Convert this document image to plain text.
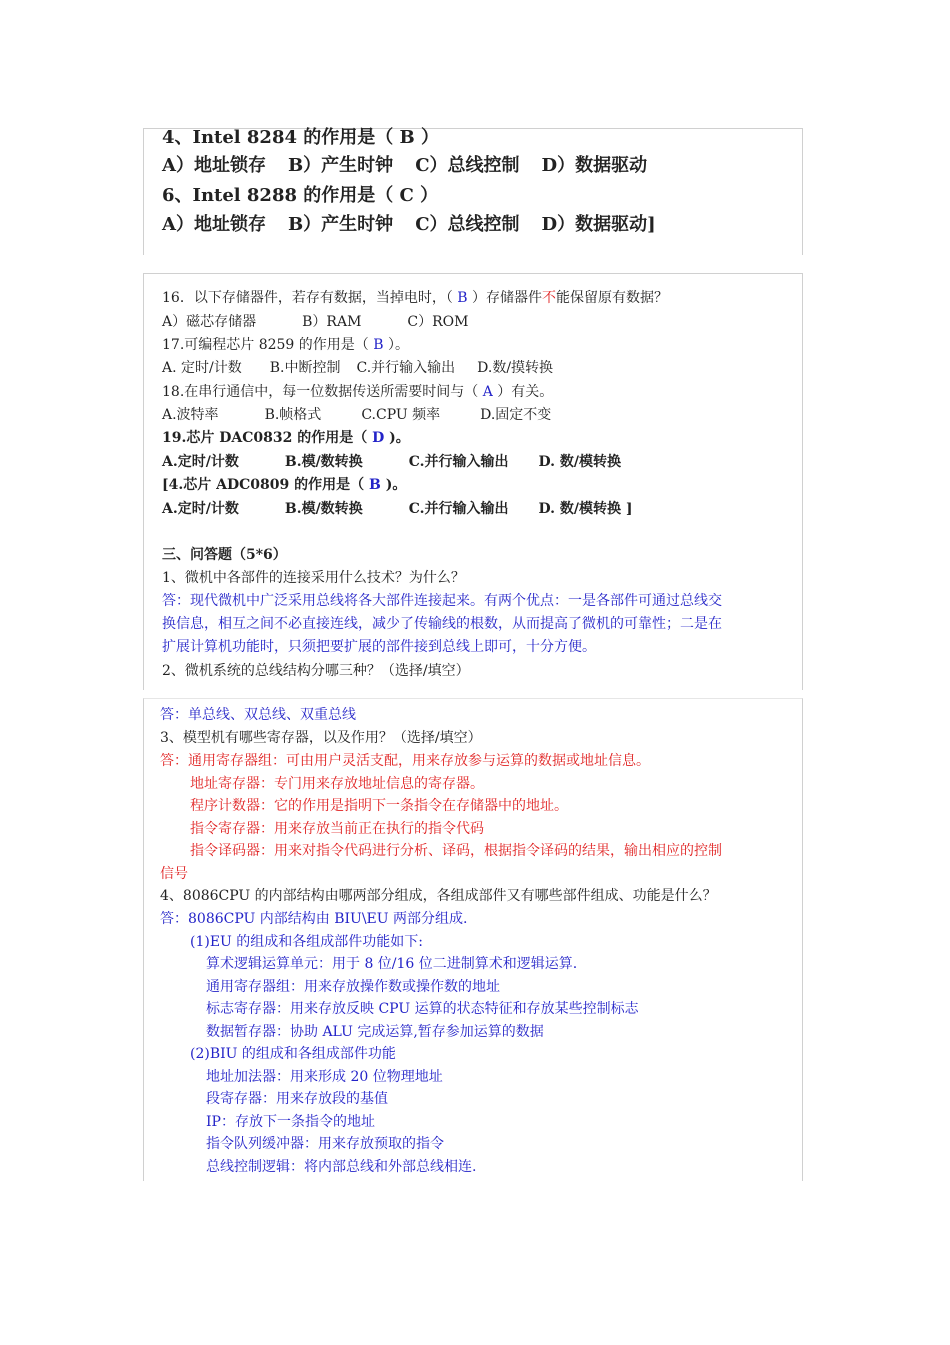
4、Intel 8284 的作用是（ B ）
A）地址锁存 B）产生时钟 C）总线控制 D）数据驱动
6、Intel 8288 的作用是（ C ）
A）地址锁存 B）产生时钟 C）总线控制 D）数据驱动]
16．以下存储器件，若存有数据，当掉电时，（ B ）存储器件不能保留原有数据？
A）磁芯存储器	B）RAM	C）ROM
17.可编程芯片 8259 的作用是（ B ）。
A. 定时/计数 B.中断控制 C.并行输入输出 D.数/摸转换
18.在串行通信中，每一位数据传送所需要时间与（ A ）有关。
A.波特率	B.帧格式	C.CPU 频率	D.固定不变
19.芯片 DAC0832 的作用是（ D )。
A.定时/计数	B.模/数转换	C.并行输入输出 D. 数/模转换
[4.芯片 ADC0809 的作用是（ B )。
A.定时/计数	B.模/数转换	C.并行输入输出 D. 数/模转换 ]
三、问答题（5*6）
1、微机中各部件的连接采用什么技术？为什么？
答：现代微机中广泛采用总线将各大部件连接起来。有两个优点：一是各部件可通过总线交
换信息，相互之间不必直接连线，减少了传输线的根数，从而提高了微机的可靠性；二是在
扩展计算机功能时，只须把要扩展的部件接到总线上即可，十分方便。
2、微机系统的总线结构分哪三种？（选择/填空）
答：单总线、双总线、双重总线
3、模型机有哪些寄存器，以及作用？（选择/填空）
答：通用寄存器组：可由用户灵活支配，用来存放参与运算的数据或地址信息。
地址寄存器：专门用来存放地址信息的寄存器。
程序计数器：它的作用是指明下一条指令在存储器中的地址。
指令寄存器：用来存放当前正在执行的指令代码
指令译码器：用来对指令代码进行分析、译码，根据指令译码的结果，输出相应的控制
信号
4、8086CPU 的内部结构由哪两部分组成，各组成部件又有哪些部件组成、功能是什么？
答：8086CPU 内部结构由 BIU\EU 两部分组成.
(1)EU 的组成和各组成部件功能如下:
算术逻辑运算单元：用于 8 位/16 位二进制算术和逻辑运算.
通用寄存器组：用来存放操作数或操作数的地址
标志寄存器：用来存放反映 CPU 运算的状态特征和存放某些控制标志
数据暂存器：协助 ALU 完成运算,暂存参加运算的数据
(2)BIU 的组成和各组成部件功能
地址加法器：用来形成 20 位物理地址
段寄存器：用来存放段的基值
IP：存放下一条指令的地址
指令队列缓冲器：用来存放预取的指令
总线控制逻辑：将内部总线和外部总线相连.
